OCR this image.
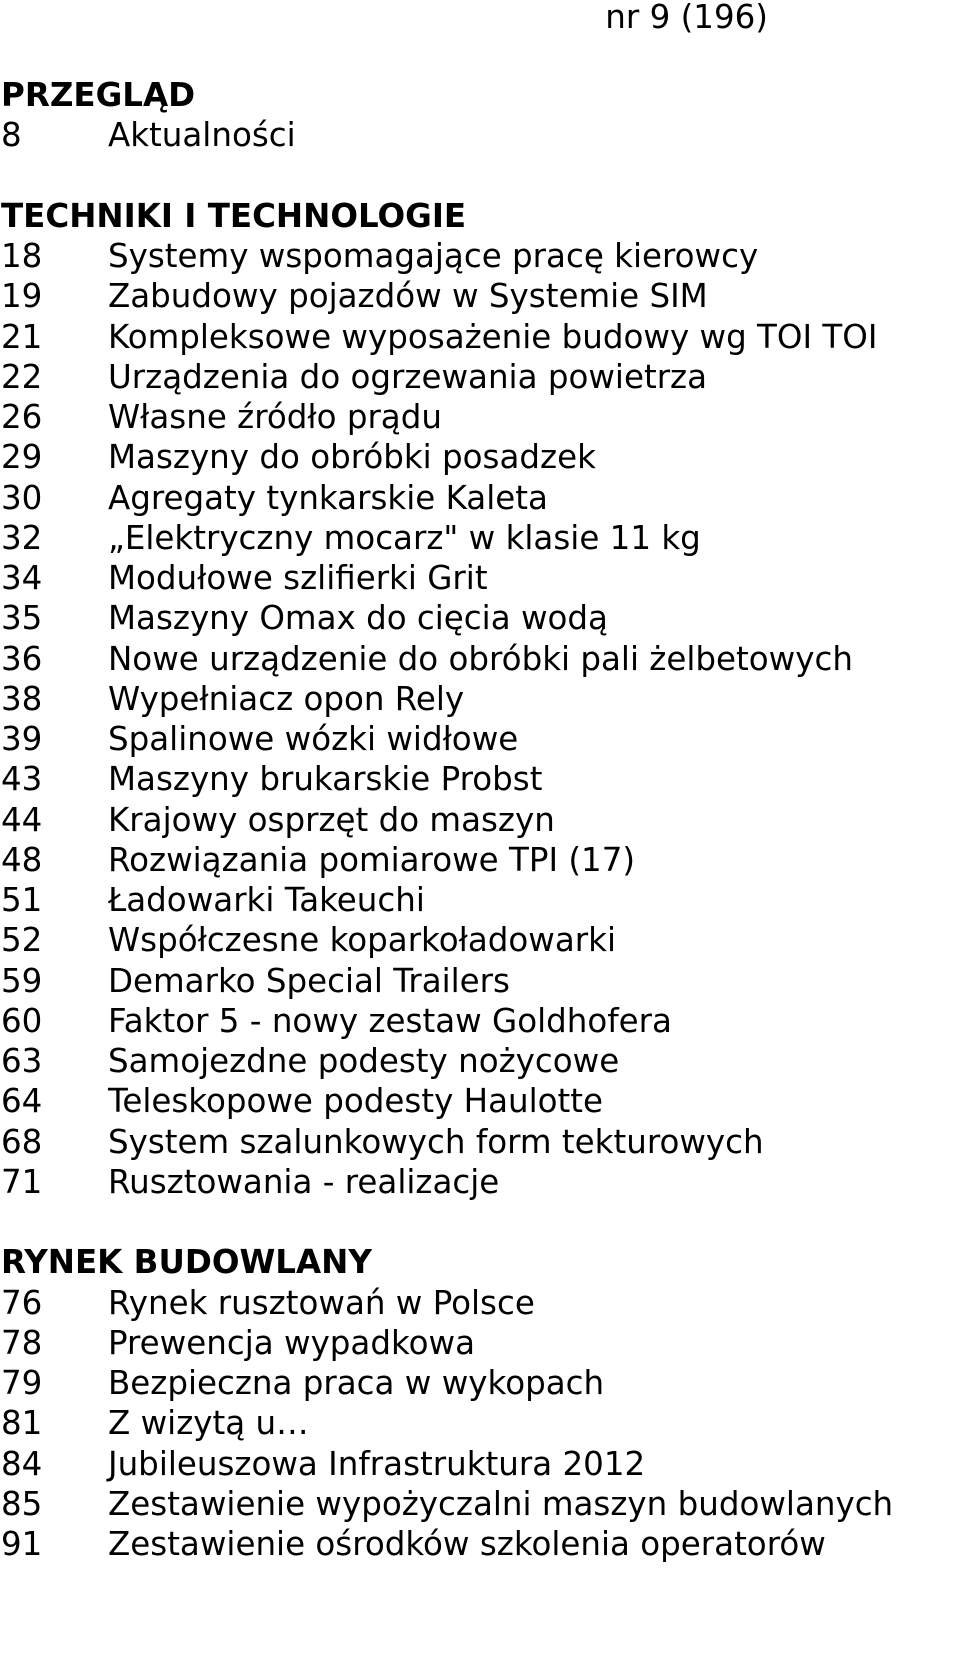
nr 9 (196)
PRZEGLĄD
8	Aktualności
TECHNIKI I TECHNOLOGIE
18	Systemy wspomagające pracę kierowcy
19	Zabudowy pojazdów w Systemie SIM
21	Kompleksowe wyposażenie budowy wg TOI TOI
22	Urządzenia do ogrzewania powietrza
26	Własne źródło prądu
29	Maszyny do obróbki posadzek
30	Agregaty tynkarskie Kaleta
32	„Elektryczny mocarz" w klasie 11 kg
34	Modułowe szlifierki Grit
35	Maszyny Omax do cięcia wodą
36	Nowe urządzenie do obróbki pali żelbetowych
38	Wypełniacz opon Rely
39	Spalinowe wózki widłowe
43	Maszyny brukarskie Probst
44	Krajowy osprzęt do maszyn
48	Rozwiązania pomiarowe TPI (17)
51	Ładowarki Takeuchi
52	Współczesne koparkoładowarki
59	Demarko Special Trailers
60	Faktor 5 - nowy zestaw Goldhofera
63	Samojezdne podesty nożycowe
64	Teleskopowe podesty Haulotte
68	System szalunkowych form tekturowych
71	Rusztowania - realizacje
RYNEK BUDOWLANY
76	Rynek rusztowań w Polsce
78	Prewencja wypadkowa
79	Bezpieczna praca w wykopach
81	Z wizytą u…
84	Jubileuszowa Infrastruktura 2012
85	Zestawienie wypożyczalni maszyn budowlanych
91	Zestawienie ośrodków szkolenia operatorów
